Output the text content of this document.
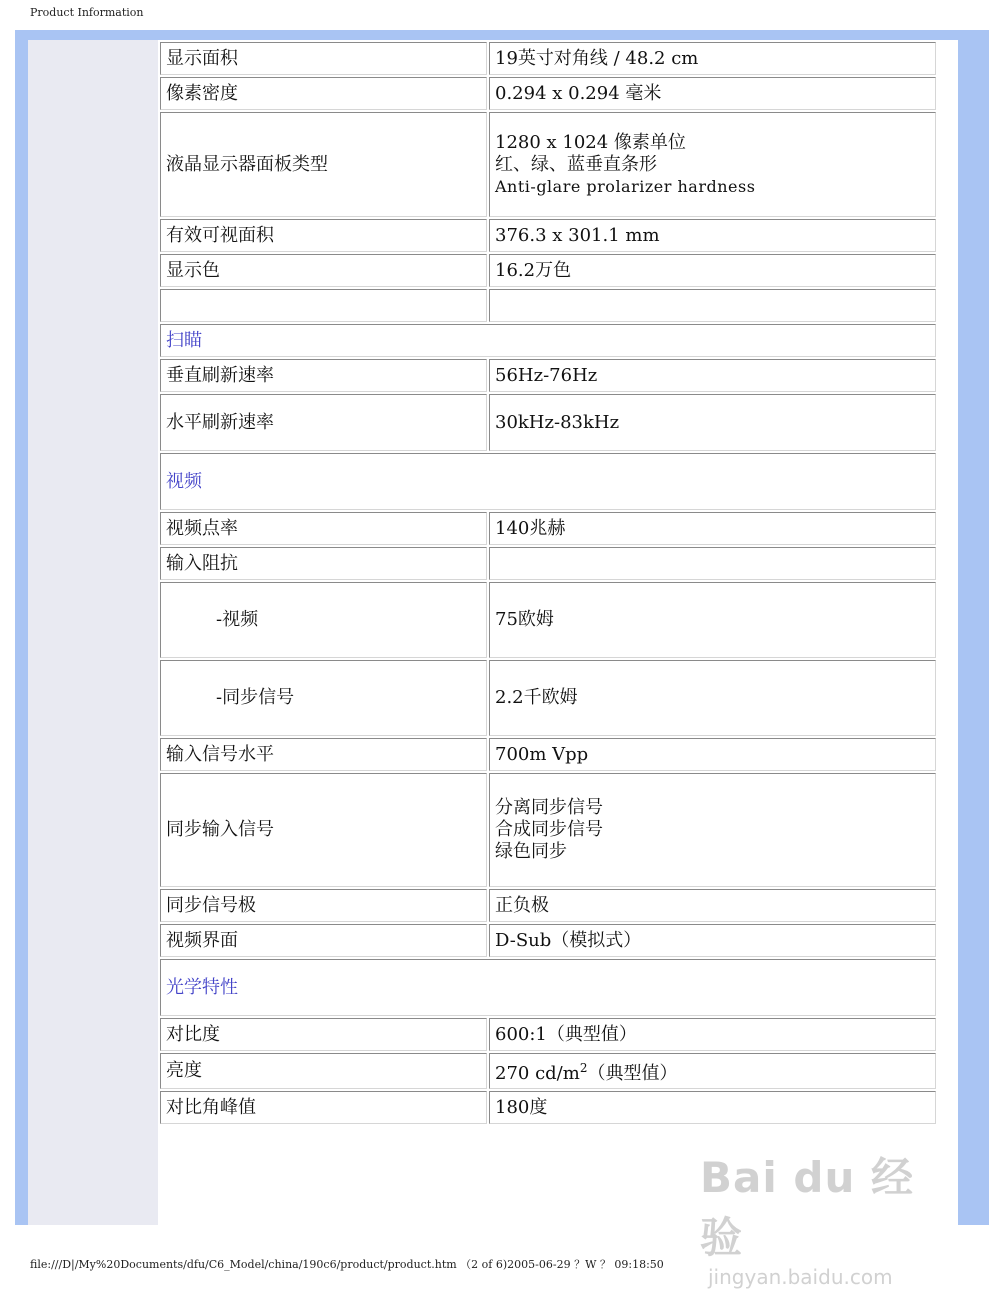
Product Information
显示面积	19英寸对角线 / 48.2 cm
像素密度	0.294 x 0.294 毫米
液晶显示器面板类型	1280 x 1024 像素单位
红、绿、蓝垂直条形
Anti-glare prolarizer hardness

有效可视面积	376.3 x 301.1 mm
显示色	16.2万色

扫瞄	
垂直刷新速率	56Hz-76Hz
水平刷新速率	30kHz-83kHz
视频	
视频点率	140兆赫
输入阻抗	
-视频	75欧姆
-同步信号	2.2千欧姆
输入信号水平	700m Vpp
同步输入信号	分离同步信号
合成同步信号
绿色同步

同步信号极	正负极
视频界面	D-Sub（模拟式）
光学特性	
对比度	600:1（典型值）
亮度	270 $cd/m^2$（典型值）
对比角峰值	180度
Bai du 经验
jingyan.baidu.com
file:///D|/My%20Documents/dfu/C6_Model/china/190c6/product/product.htm （2 of 6)2005-06-29 ？W ？ 09:18:50
